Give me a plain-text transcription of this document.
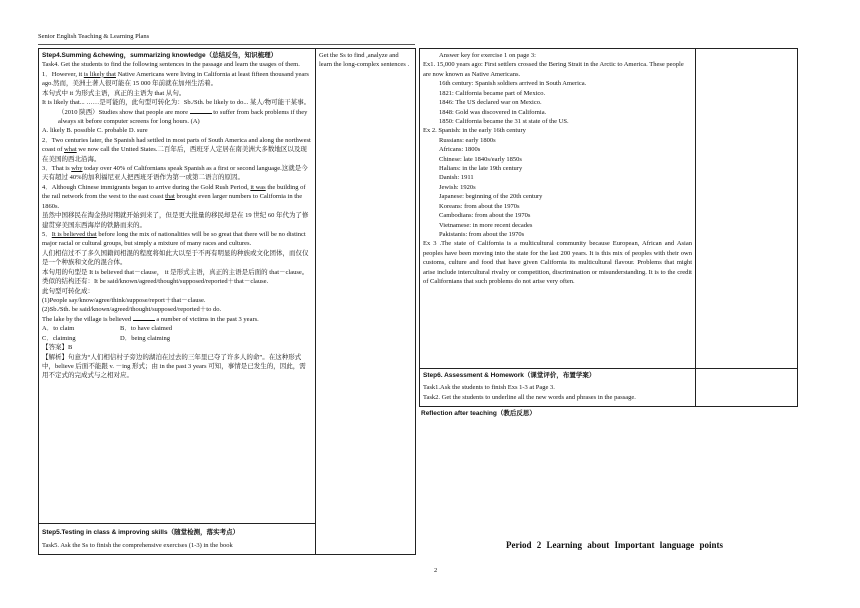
Senior English Teaching & Learning Plans

Step4.Summing &chewing，summarizing knowledge（总结反刍，知识梳理）

Task4. Get the students to find the following sentences in the passage and learn the usages of them.

1．However, it is likely that Native Americans were living in California at least fifteen thousand years ago.然而，美洲土著人很可能在 15 000 年前就在加州生活着。

本句式中 it 为形式主语，真正的主语为 that 从句。

It is likely that... ……是可能的，此句型可转化为：Sb./Sth. be likely to do... 某人/物可能干某事。

（2010 陕西）Studies show that people are more	to suffer from back problems if they always sit before computer screens for long hours. (A)

A. likely B. possible C. probable D. sure

2．Two centuries later, the Spanish had settled in most parts of South America and along the northwest coast of what we now call the United States.二百年后，西班牙人定居在南美洲大多数地区以及现在美国的西北沿海。

3．That is why today over 40% of Californians speak Spanish as a first or second language.这就是今天有超过 40%的加利福尼亚人把西班牙语作为第一或第二语言的原因。

4．Although Chinese immigrants began to arrive during the Gold Rush Period, it was the building of the rail network from the west to the east coast that brought even larger numbers to California in the 1860s.

虽然中国移民在淘金热时期就开始到来了，但是更大批量的移民却是在 19 世纪 60 年代为了修建贯穿美国东西海岸的铁路而来的。

5．It is believed that before long the mix of nationalities will be so great that there will be no distinct major racial or cultural groups, but simply a mixture of many races and cultures.

人们相信过不了多久国籍间相混的程度将如此大以至于不再有明显的种族或文化团体，而仅仅是一个种族和文化的混合体。

本句用的句型是 It is believed that－clause， it 是形式主语，真正的主语是后面的 that－clause。

类似的结构还有：It be said/known/agreed/thought/supposed/reported＋that－clause.

此句型可转化成：

(1)People say/know/agree/think/suppose/report＋that－clause.

(2)Sb./Sth. be said/known/agreed/thought/supposed/reported＋to do.

The lake by the village is believed	a number of victims in the past 3 years.

A．to claim	B．to have claimed

C．claiming	D．being claiming

【答案】B

【解析】句意为“人们相信村子旁边的湖泊在过去的三年里已夺了许多人的命”。在这种形式中，believe 后面不能跟 v. －ing 形式；由 in the past 3 years 可知，事情是已发生的，因此，需用不定式的完成式与之相对应。

Step5.Testing in class & improving skills（随堂检测，落实考点）

Task5. Ask the Ss to finish the comprehensive exercises (1-3) in the book

Get the Ss to find ,analyze and learn the long-complex sentences .

Answer key for exercise 1 on page 3:

Ex1. 15,000 years ago: First settlers crossed the Bering Strait in the Arctic to America. These people are now known as Native Americans.

16th century: Spanish soldiers arrived in South America.

1821: California became part of Mexico.

1846: The US declared war on Mexico.

1848: Gold was discovered in California.

1850: California became the 31 st state of the US.

Ex 2. Spanish: in the early 16th century

Russians: early 1800s

Africans: 1800s

Chinese: late 1840s/early 1850s

Halians: in the late 19th century

Danish: 1911

Jewish: 1920s

Japanese: beginning of the 20th century

Koreans: from about the 1970s

Cambodians: from about the 1970s

Vietnamese: in more recent decades

Pakistanis: from about the 1970s

Ex 3 .The state of California is a multicultural community because European, African and Asian peoples have been moving into the state for the last 200 years. It is this mix of peoples with their own customs, culture and food that have given California its multicultural flavour. Problems that might arise include intercultural rivalry or competition, discrimination or misunderstanding. It is to the credit of Californians that such problems do not arise very often.

Step6. Assessment & Homework（课堂评价，布置学案）

Task1.Ask the students to finish Exs 1-3 at Page 3.

Task2. Get the students to underline all the new words and phrases in the passage.

Reflection after teaching（教后反思）

Period 2 Learning about Important language points
2
